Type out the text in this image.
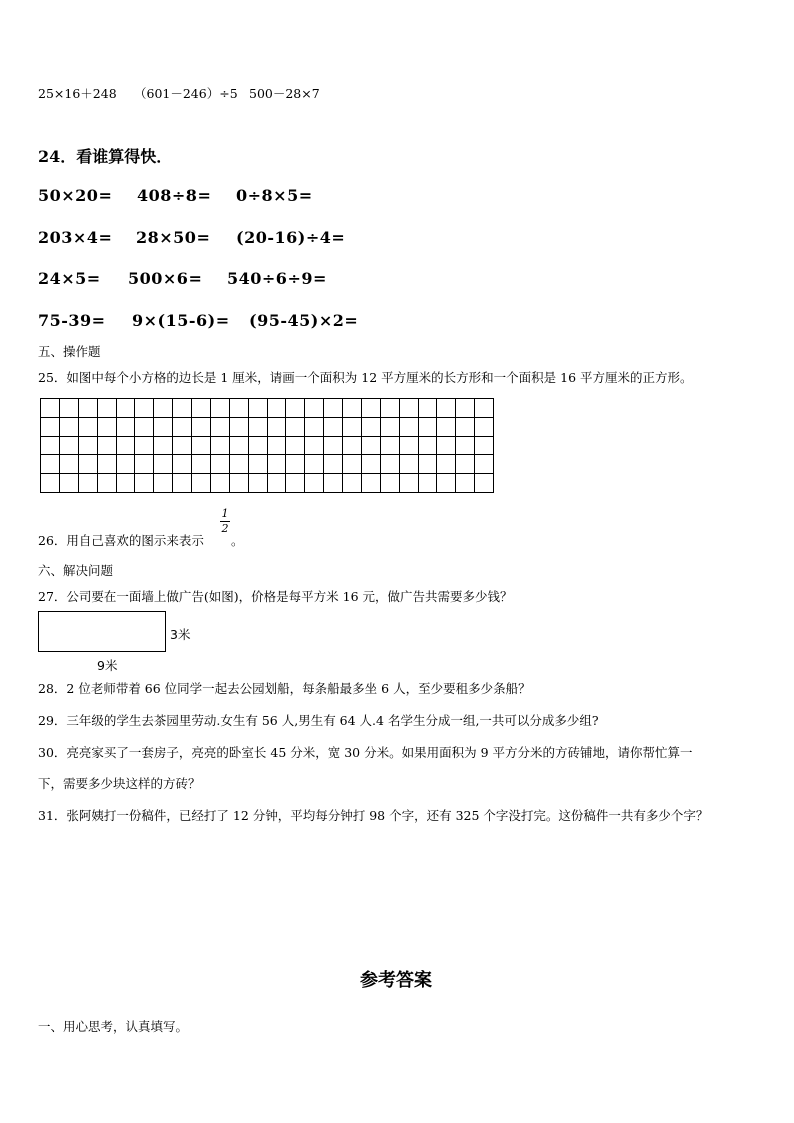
25×16＋248 （601－246）÷5 500－28×7
24．看谁算得快．
50×20= 408÷8= 0÷8×5=
203×4= 28×50= (20-16)÷4=
24×5= 500×6= 540÷6÷9=
75-39= 9×(15-6)= (95-45)×2=
五、操作题
25．如图中每个小方格的边长是 1 厘米，请画一个面积为 12 平方厘米的长方形和一个面积是 16 平方厘米的正方形。
26．用自己喜欢的图示来表示
1
2
。
六、解决问题
27．公司要在一面墙上做广告(如图)，价格是每平方米 16 元，做广告共需要多少钱？
3米
9米
28．2 位老师带着 66 位同学一起去公园划船，每条船最多坐 6 人，至少要租多少条船？
29．三年级的学生去茶园里劳动.女生有 56 人,男生有 64 人.4 名学生分成一组,一共可以分成多少组?
30．亮亮家买了一套房子，亮亮的卧室长 45 分米，宽 30 分米。如果用面积为 9 平方分米的方砖铺地，请你帮忙算一
下，需要多少块这样的方砖？
31．张阿姨打一份稿件，已经打了 12 分钟，平均每分钟打 98 个字，还有 325 个字没打完。这份稿件一共有多少个字？
参考答案
一、用心思考，认真填写。
